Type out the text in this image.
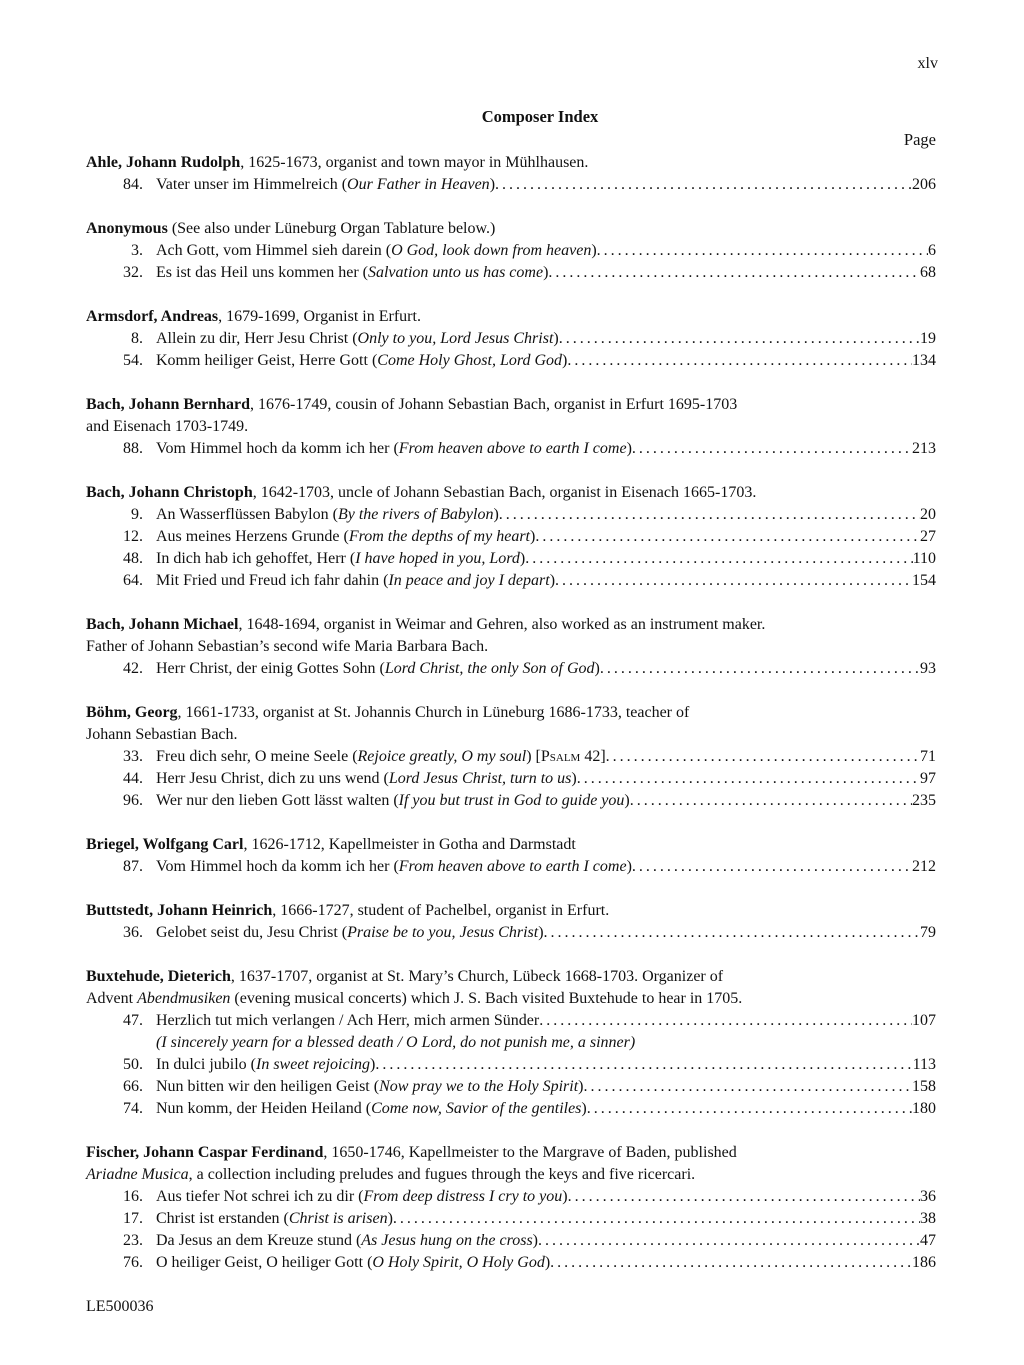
xlv
Composer Index
Page
Ahle, Johann Rudolph, 1625-1673, organist and town mayor in Mühlhausen.
84. Vater unser im Himmelreich (Our Father in Heaven) . . .	206
Anonymous (See also under Lüneburg Organ Tablature below.)
3. Ach Gott, vom Himmel sieh darein (O God, look down from heaven) . . .	6
32. Es ist das Heil uns kommen her (Salvation unto us has come) . . .	68
Armsdorf, Andreas, 1679-1699, Organist in Erfurt.
8. Allein zu dir, Herr Jesu Christ (Only to you, Lord Jesus Christ) . . .	19
54. Komm heiliger Geist, Herre Gott (Come Holy Ghost, Lord God) . . .	134
Bach, Johann Bernhard, 1676-1749, cousin of Johann Sebastian Bach, organist in Erfurt 1695-1703
and Eisenach 1703-1749.
88. Vom Himmel hoch da komm ich her (From heaven above to earth I come) . . .	213
Bach, Johann Christoph, 1642-1703, uncle of Johann Sebastian Bach, organist in Eisenach 1665-1703.
9. An Wasserflüssen Babylon (By the rivers of Babylon) . . .	20
12. Aus meines Herzens Grunde (From the depths of my heart) . . .	27
48. In dich hab ich gehoffet, Herr (I have hoped in you, Lord) . . .	110
64. Mit Fried und Freud ich fahr dahin (In peace and joy I depart) . . .	154
Bach, Johann Michael, 1648-1694, organist in Weimar and Gehren, also worked as an instrument maker.
Father of Johann Sebastian’s second wife Maria Barbara Bach.
42. Herr Christ, der einig Gottes Sohn (Lord Christ, the only Son of God) . . .	93
Böhm, Georg, 1661-1733, organist at St. Johannis Church in Lüneburg 1686-1733, teacher of
Johann Sebastian Bach.
33. Freu dich sehr, O meine Seele (Rejoice greatly, O my soul) [Psalm 42] . . .	71
44. Herr Jesu Christ, dich zu uns wend (Lord Jesus Christ, turn to us) . . .	97
96. Wer nur den lieben Gott lässt walten (If you but trust in God to guide you) . . .	235
Briegel, Wolfgang Carl, 1626-1712, Kapellmeister in Gotha and Darmstadt
87. Vom Himmel hoch da komm ich her (From heaven above to earth I come) . . .	212
Buttstedt, Johann Heinrich, 1666-1727, student of Pachelbel, organist in Erfurt.
36. Gelobet seist du, Jesu Christ (Praise be to you, Jesus Christ) . . .	79
Buxtehude, Dieterich, 1637-1707, organist at St. Mary’s Church, Lübeck 1668-1703. Organizer of
Advent Abendmusiken (evening musical concerts) which J. S. Bach visited Buxtehude to hear in 1705.
47. Herzlich tut mich verlangen / Ach Herr, mich armen Sünder . . .	107
(I sincerely yearn for a blessed death / O Lord, do not punish me, a sinner)
50. In dulci jubilo (In sweet rejoicing) . . .	113
66. Nun bitten wir den heiligen Geist (Now pray we to the Holy Spirit) . . .	158
74. Nun komm, der Heiden Heiland (Come now, Savior of the gentiles) . . .	180
Fischer, Johann Caspar Ferdinand, 1650-1746, Kapellmeister to the Margrave of Baden, published
Ariadne Musica, a collection including preludes and fugues through the keys and five ricercari.
16. Aus tiefer Not schrei ich zu dir (From deep distress I cry to you) . . .	36
17. Christ ist erstanden (Christ is arisen) . . .	38
23. Da Jesus an dem Kreuze stund (As Jesus hung on the cross) . . .	47
76. O heiliger Geist, O heiliger Gott (O Holy Spirit, O Holy God) . . .	186
LE500036
